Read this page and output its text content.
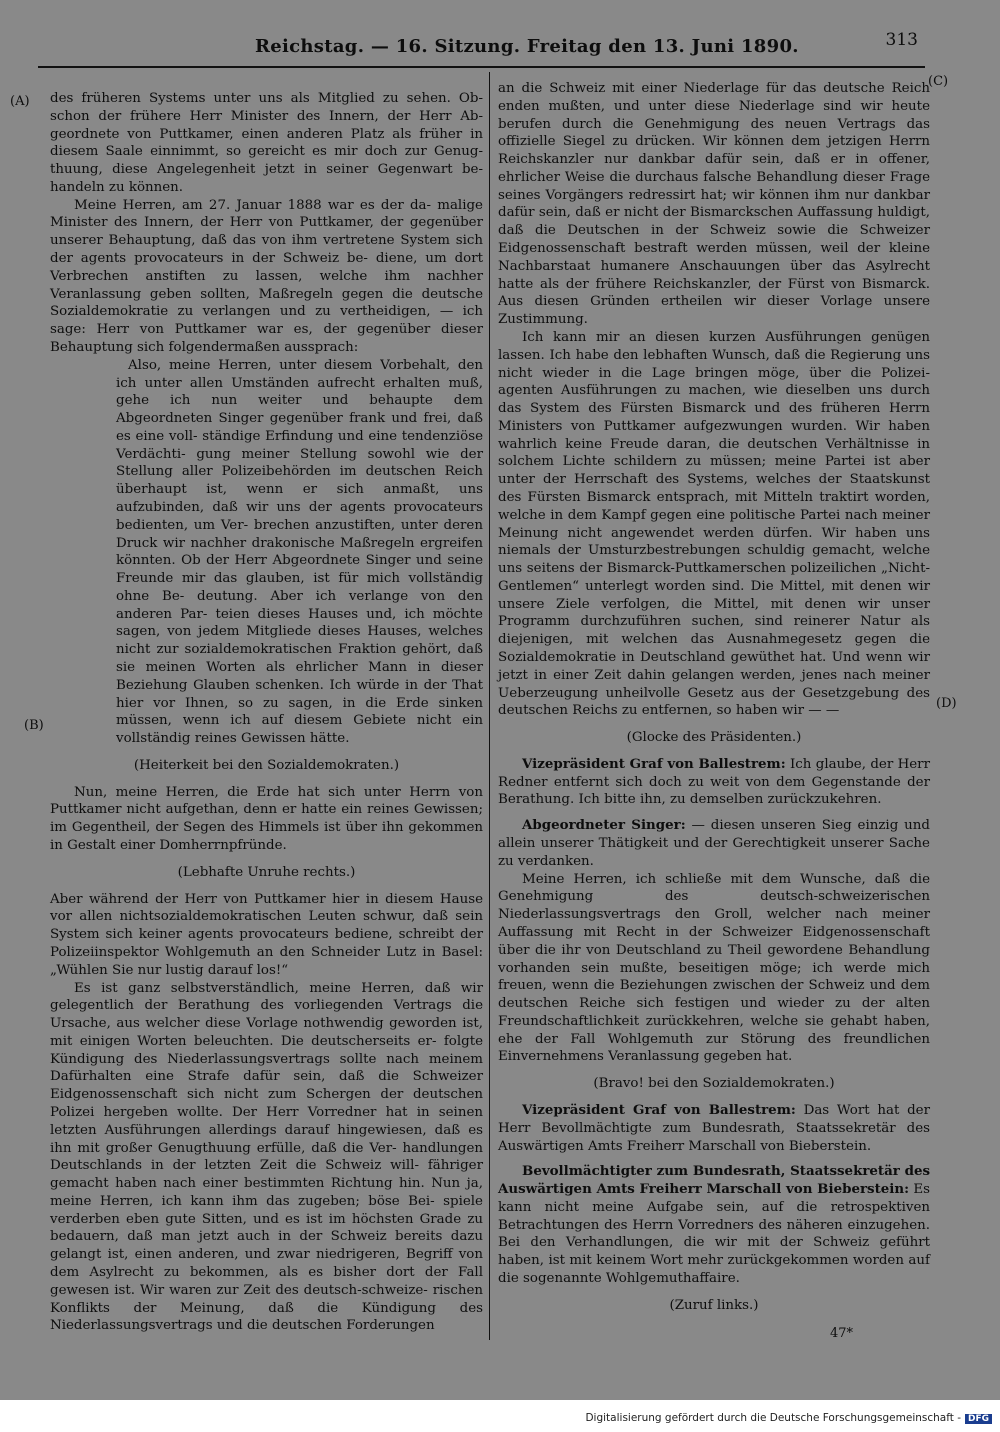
Reichstag. — 16. Sitzung. Freitag den 13. Juni 1890.	313
(A)
(B)
(C)
(D)

des früheren Systems unter uns als Mitglied zu sehen. Ob- schon der frühere Herr Minister des Innern, der Herr Ab- geordnete von Puttkamer, einen anderen Platz als früher in diesem Saale einnimmt, so gereicht es mir doch zur Genug- thuung, diese Angelegenheit jetzt in seiner Gegenwart be- handeln zu können.

Meine Herren, am 27. Januar 1888 war es der da- malige Minister des Innern, der Herr von Puttkamer, der gegenüber unserer Behauptung, daß das von ihm vertretene System sich der agents provocateurs in der Schweiz be- diene, um dort Verbrechen anstiften zu lassen, welche ihm nachher Veranlassung geben sollten, Maßregeln gegen die deutsche Sozialdemokratie zu verlangen und zu vertheidigen, — ich sage: Herr von Puttkamer war es, der gegenüber dieser Behauptung sich folgendermaßen aussprach:

Also, meine Herren, unter diesem Vorbehalt, den ich unter allen Umständen aufrecht erhalten muß, gehe ich nun weiter und behaupte dem Abgeordneten Singer gegenüber frank und frei, daß es eine voll- ständige Erfindung und eine tendenziöse Verdächti- gung meiner Stellung sowohl wie der Stellung aller Polizeibehörden im deutschen Reich überhaupt ist, wenn er sich anmaßt, uns aufzubinden, daß wir uns der agents provocateurs bedienten, um Ver- brechen anzustiften, unter deren Druck wir nachher drakonische Maßregeln ergreifen könnten. Ob der Herr Abgeordnete Singer und seine Freunde mir das glauben, ist für mich vollständig ohne Be- deutung. Aber ich verlange von den anderen Par- teien dieses Hauses und, ich möchte sagen, von jedem Mitgliede dieses Hauses, welches nicht zur sozialdemokratischen Fraktion gehört, daß sie meinen Worten als ehrlicher Mann in dieser Beziehung Glauben schenken. Ich würde in der That hier vor Ihnen, so zu sagen, in die Erde sinken müssen, wenn ich auf diesem Gebiete nicht ein vollständig reines Gewissen hätte.

(Heiterkeit bei den Sozialdemokraten.)

Nun, meine Herren, die Erde hat sich unter Herrn von Puttkamer nicht aufgethan, denn er hatte ein reines Gewissen; im Gegentheil, der Segen des Himmels ist über ihn gekommen in Gestalt einer Domherrnpfründe.

(Lebhafte Unruhe rechts.)

Aber während der Herr von Puttkamer hier in diesem Hause vor allen nichtsozialdemokratischen Leuten schwur, daß sein System sich keiner agents provocateurs bediene, schreibt der Polizeiinspektor Wohlgemuth an den Schneider Lutz in Basel: „Wühlen Sie nur lustig darauf los!“

Es ist ganz selbstverständlich, meine Herren, daß wir gelegentlich der Berathung des vorliegenden Vertrags die Ursache, aus welcher diese Vorlage nothwendig geworden ist, mit einigen Worten beleuchten. Die deutscherseits er- folgte Kündigung des Niederlassungsvertrags sollte nach meinem Dafürhalten eine Strafe dafür sein, daß die Schweizer Eidgenossenschaft sich nicht zum Schergen der deutschen Polizei hergeben wollte. Der Herr Vorredner hat in seinen letzten Ausführungen allerdings darauf hingewiesen, daß es ihn mit großer Genugthuung erfülle, daß die Ver- handlungen Deutschlands in der letzten Zeit die Schweiz will- fähriger gemacht haben nach einer bestimmten Richtung hin. Nun ja, meine Herren, ich kann ihm das zugeben; böse Bei- spiele verderben eben gute Sitten, und es ist im höchsten Grade zu bedauern, daß man jetzt auch in der Schweiz bereits dazu gelangt ist, einen anderen, und zwar niedrigeren, Begriff von dem Asylrecht zu bekommen, als es bisher dort der Fall gewesen ist. Wir waren zur Zeit des deutsch-schweize- rischen Konflikts der Meinung, daß die Kündigung des Niederlassungsvertrags und die deutschen Forderungen

an die Schweiz mit einer Niederlage für das deutsche Reich enden mußten, und unter diese Niederlage sind wir heute berufen durch die Genehmigung des neuen Vertrags das offizielle Siegel zu drücken. Wir können dem jetzigen Herrn Reichskanzler nur dankbar dafür sein, daß er in offener, ehrlicher Weise die durchaus falsche Behandlung dieser Frage seines Vorgängers redressirt hat; wir können ihm nur dankbar dafür sein, daß er nicht der Bismarckschen Auffassung huldigt, daß die Deutschen in der Schweiz sowie die Schweizer Eidgenossenschaft bestraft werden müssen, weil der kleine Nachbarstaat humanere Anschauungen über das Asylrecht hatte als der frühere Reichskanzler, der Fürst von Bismarck. Aus diesen Gründen ertheilen wir dieser Vorlage unsere Zustimmung.

Ich kann mir an diesen kurzen Ausführungen genügen lassen. Ich habe den lebhaften Wunsch, daß die Regierung uns nicht wieder in die Lage bringen möge, über die Polizei- agenten Ausführungen zu machen, wie dieselben uns durch das System des Fürsten Bismarck und des früheren Herrn Ministers von Puttkamer aufgezwungen wurden. Wir haben wahrlich keine Freude daran, die deutschen Verhältnisse in solchem Lichte schildern zu müssen; meine Partei ist aber unter der Herrschaft des Systems, welches der Staatskunst des Fürsten Bismarck entsprach, mit Mitteln traktirt worden, welche in dem Kampf gegen eine politische Partei nach meiner Meinung nicht angewendet werden dürfen. Wir haben uns niemals der Umsturzbestrebungen schuldig gemacht, welche uns seitens der Bismarck-Puttkamerschen polizeilichen „Nicht- Gentlemen“ unterlegt worden sind. Die Mittel, mit denen wir unsere Ziele verfolgen, die Mittel, mit denen wir unser Programm durchzuführen suchen, sind reinerer Natur als diejenigen, mit welchen das Ausnahmegesetz gegen die Sozialdemokratie in Deutschland gewüthet hat. Und wenn wir jetzt in einer Zeit dahin gelangen werden, jenes nach meiner Ueberzeugung unheilvolle Gesetz aus der Gesetzgebung des deutschen Reichs zu entfernen, so haben wir — —

(Glocke des Präsidenten.)

Vizepräsident Graf von Ballestrem: Ich glaube, der Herr Redner entfernt sich doch zu weit von dem Gegenstande der Berathung. Ich bitte ihn, zu demselben zurückzukehren.

Abgeordneter Singer: — diesen unseren Sieg einzig und allein unserer Thätigkeit und der Gerechtigkeit unserer Sache zu verdanken.

Meine Herren, ich schließe mit dem Wunsche, daß die Genehmigung des deutsch-schweizerischen Niederlassungsvertrags den Groll, welcher nach meiner Auffassung mit Recht in der Schweizer Eidgenossenschaft über die ihr von Deutschland zu Theil gewordene Behandlung vorhanden sein mußte, beseitigen möge; ich werde mich freuen, wenn die Beziehungen zwischen der Schweiz und dem deutschen Reiche sich festigen und wieder zu der alten Freundschaftlichkeit zurückkehren, welche sie gehabt haben, ehe der Fall Wohlgemuth zur Störung des freundlichen Einvernehmens Veranlassung gegeben hat.

(Bravo! bei den Sozialdemokraten.)

Vizepräsident Graf von Ballestrem: Das Wort hat der Herr Bevollmächtigte zum Bundesrath, Staatssekretär des Auswärtigen Amts Freiherr Marschall von Bieberstein.

Bevollmächtigter zum Bundesrath, Staatssekretär des Auswärtigen Amts Freiherr Marschall von Bieberstein: Es kann nicht meine Aufgabe sein, auf die retrospektiven Betrachtungen des Herrn Vorredners des näheren einzugehen. Bei den Verhandlungen, die wir mit der Schweiz geführt haben, ist mit keinem Wort mehr zurückgekommen worden auf die sogenannte Wohlgemuthaffaire.

(Zuruf links.)

47*
Digitalisierung gefördert durch die Deutsche Forschungsgemeinschaft - DFG
